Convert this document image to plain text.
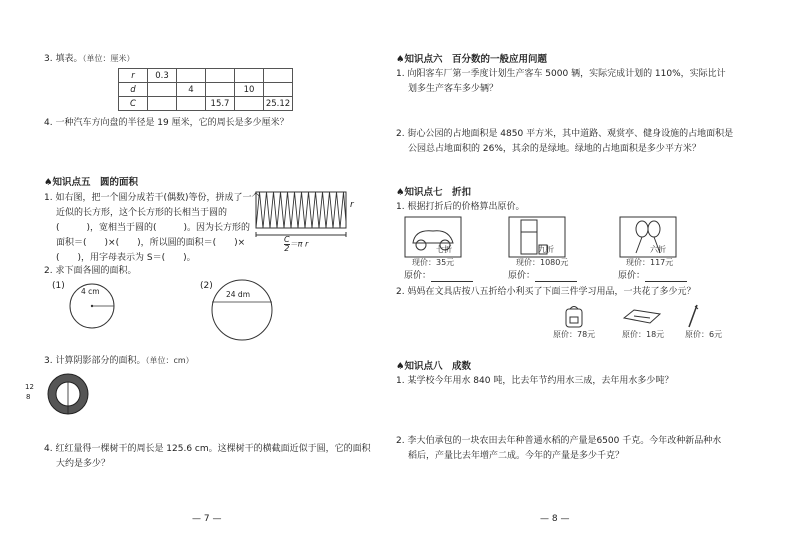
3. 填表。（单位：厘米）
r	0.3				
d		4		10	
C			15.7		25.12
4. 一种汽车方向盘的半径是 19 厘米，它的周长是多少厘米？
♠知识点五　圆的面积
1. 如右图，把一个圆分成若干(偶数)等份，拼成了一个
近似的长方形，这个长方形的长相当于圆的
(　　　)，宽相当于圆的(　　　)。因为长方形的
面积＝(　　)×(　　)，所以圆的面积＝(　　)×
(　　)，用字母表示为 S＝(　　)。
r
$\frac{C}{2} =\pi$ r
2. 求下面各圆的面积。
(1)
4 cm
(2)
24 dm
3. 计算阴影部分的面积。（单位：cm）
12
8
4. 红红量得一棵树干的周长是 125.6 cm。这棵树干的横截面近似于圆，它的面积
大约是多少？
— 7 —
♠知识点六　百分数的一般应用问题
1. 向阳客车厂第一季度计划生产客车 5000 辆，实际完成计划的 110%，实际比计
划多生产客车多少辆？
2. 街心公园的占地面积是 4850 平方米，其中道路、观赏亭、健身设施的占地面积是
公园总占地面积的 26%，其余的是绿地。绿地的占地面积是多少平方米？
♠知识点七　折扣
1. 根据打折后的价格算出原价。
七折
现价：35元
原价：
九折
现价：1080元
原价：
六折
现价：117元
原价：
2. 妈妈在文具店按八五折给小利买了下面三件学习用品，一共花了多少元？
原价：78元	原价：18元	原价：6元
♠知识点八　成数
1. 某学校今年用水 840 吨，比去年节约用水三成，去年用水多少吨？
2. 李大伯承包的一块农田去年种普通水稻的产量是6500 千克。今年改种新品种水
稻后，产量比去年增产二成。今年的产量是多少千克？
— 8 —
